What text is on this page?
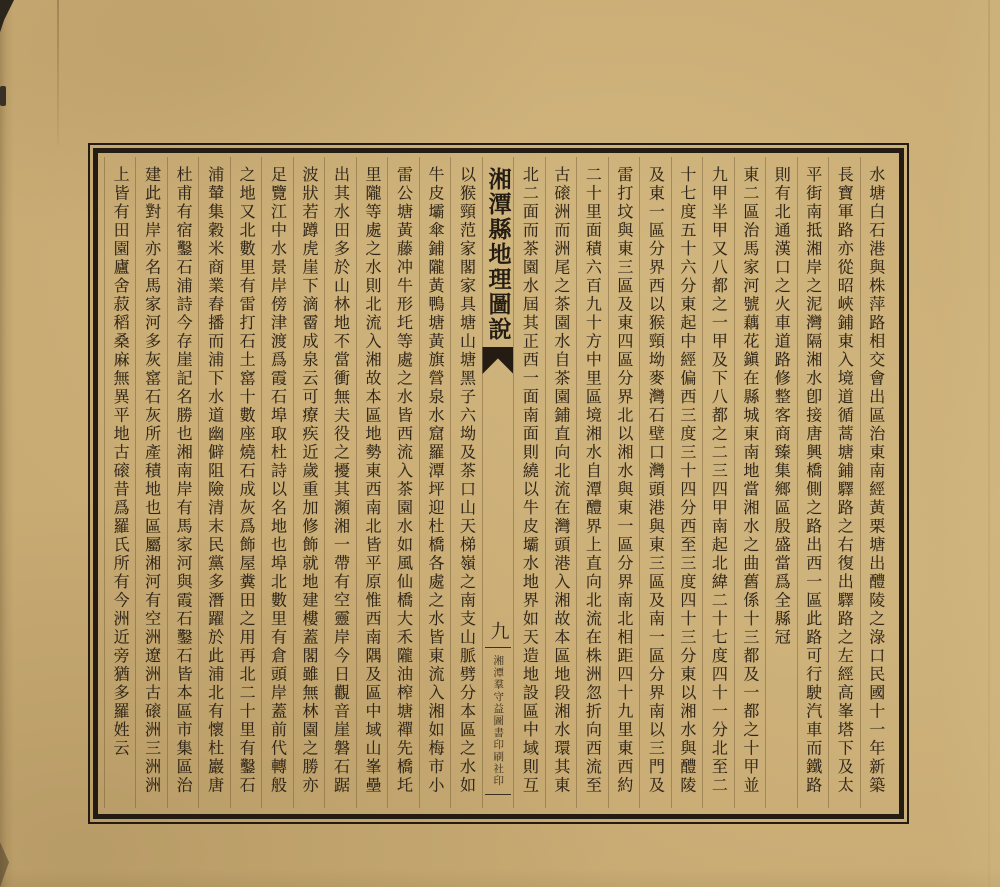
水塘白石港與株萍路相交會出區治東南經黃栗塘出醴陵之淥口民國十一年新築
長寶軍路亦從昭峽鋪東入境道循蒿塘鋪驛路之右復出驛路之左經高峯塔下及太
平街南抵湘岸之泥灣隔湘水卽接唐興橋側之路出西一區此路可行駛汽車而鐵路
則有北通漢口之火車道路修整客商臻集鄉區殷盛當爲全縣冠
東二區治馬家河號藕花鎭在縣城東南地當湘水之曲舊係十三都及一都之十甲並
九甲半甲又八都之一甲及下八都之二三四甲南起北緯二十七度四十一分北至二
十七度五十六分東起中經偏西三度三十四分西至三度四十三分東以湘水與醴陵
及東一區分界西以猴頸坳麥灣石壁口灣頭港與東三區及南一區分界南以三門及
雷打坟與東三區及東四區分界北以湘水與東一區分界南北相距四十九里東西約
二十里面積六百九十方中里區境湘水自潭醴界上直向北流在株洲忽折向西流至
古磙洲而洲尾之茶園水自茶園鋪直向北流在灣頭港入湘故本區地段湘水環其東
北二面而茶園水屆其正西一面南面則繞以牛皮壩水地界如天造地設區中域則互
湘潭縣地理圖說
九
湘潭羣守益圖書印刷社印
以猴頸范家閣家具塘山塘黑子六坳及茶口山天梯嶺之南支山脈劈分本區之水如
牛皮壩傘鋪隴黃鴨塘黃旗營泉水窟羅潭坪迎杜橋各處之水皆東流入湘如梅市小
雷公塘黃藤冲牛形圫等處之水皆西流入茶園水如風仙橋大禾隴油榨塘禪先橋圫
里隴等處之水則北流入湘故本區地勢東西南北皆平原惟西南隅及區中域山峯壘
出其水田多於山林地不當衝無夫役之擾其瀕湘一帶有空靈岸今日觀音崖磐石踞
波狀若蹲虎崖下滴霤成泉云可療疾近歲重加修飾就地建樓蓋閣雖無林園之勝亦
足覽江中水景岸傍津渡爲霞石埠取杜詩以名地也埠北數里有倉頭岸蓋前代轉般
之地又北數里有雷打石土窰十數座燒石成灰爲飾屋糞田之用再北二十里有鑿石
浦輦集穀米商業舂播而浦下水道幽僻阻險清末民黨多潛躍於此浦北有懷杜巖唐
杜甫有宿鑿石浦詩今存崖記名勝也湘南岸有馬家河與霞石鑿石皆本區市集區治
建此對岸亦名馬家河多灰窰石灰所產積地也區屬湘河有空洲遼洲古磙洲三洲洲
上皆有田園廬舍菽稻桑麻無異平地古磙昔爲羅氏所有今洲近旁猶多羅姓云
